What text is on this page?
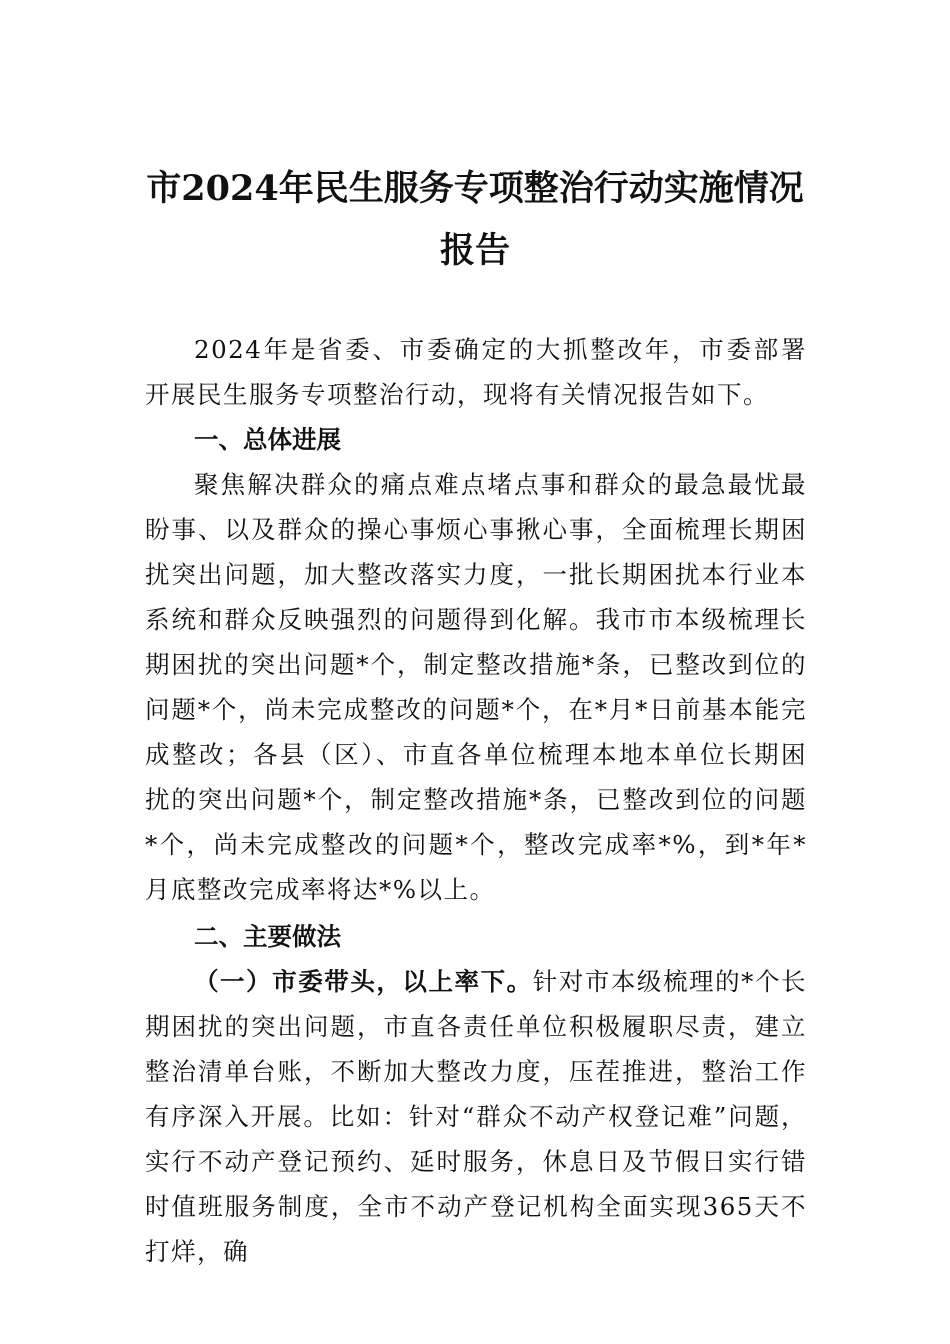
市2024年民生服务专项整治行动实施情况报告

2024年是省委、市委确定的大抓整改年，市委部署开展民生服务专项整治行动，现将有关情况报告如下。

一、总体进展

聚焦解决群众的痛点难点堵点事和群众的最急最忧最盼事、以及群众的操心事烦心事揪心事，全面梳理长期困扰突出问题，加大整改落实力度，一批长期困扰本行业本系统和群众反映强烈的问题得到化解。我市市本级梳理长期困扰的突出问题*个，制定整改措施*条，已整改到位的问题*个，尚未完成整改的问题*个，在*月*日前基本能完成整改；各县（区）、市直各单位梳理本地本单位长期困扰的突出问题*个，制定整改措施*条，已整改到位的问题*个，尚未完成整改的问题*个，整改完成率*%，到*年*月底整改完成率将达*%以上。

二、主要做法

（一）市委带头，以上率下。针对市本级梳理的*个长期困扰的突出问题，市直各责任单位积极履职尽责，建立整治清单台账，不断加大整改力度，压茬推进，整治工作有序深入开展。比如：针对“群众不动产权登记难”问题，实行不动产登记预约、延时服务，休息日及节假日实行错时值班服务制度，全市不动产登记机构全面实现365天不打烊，确
